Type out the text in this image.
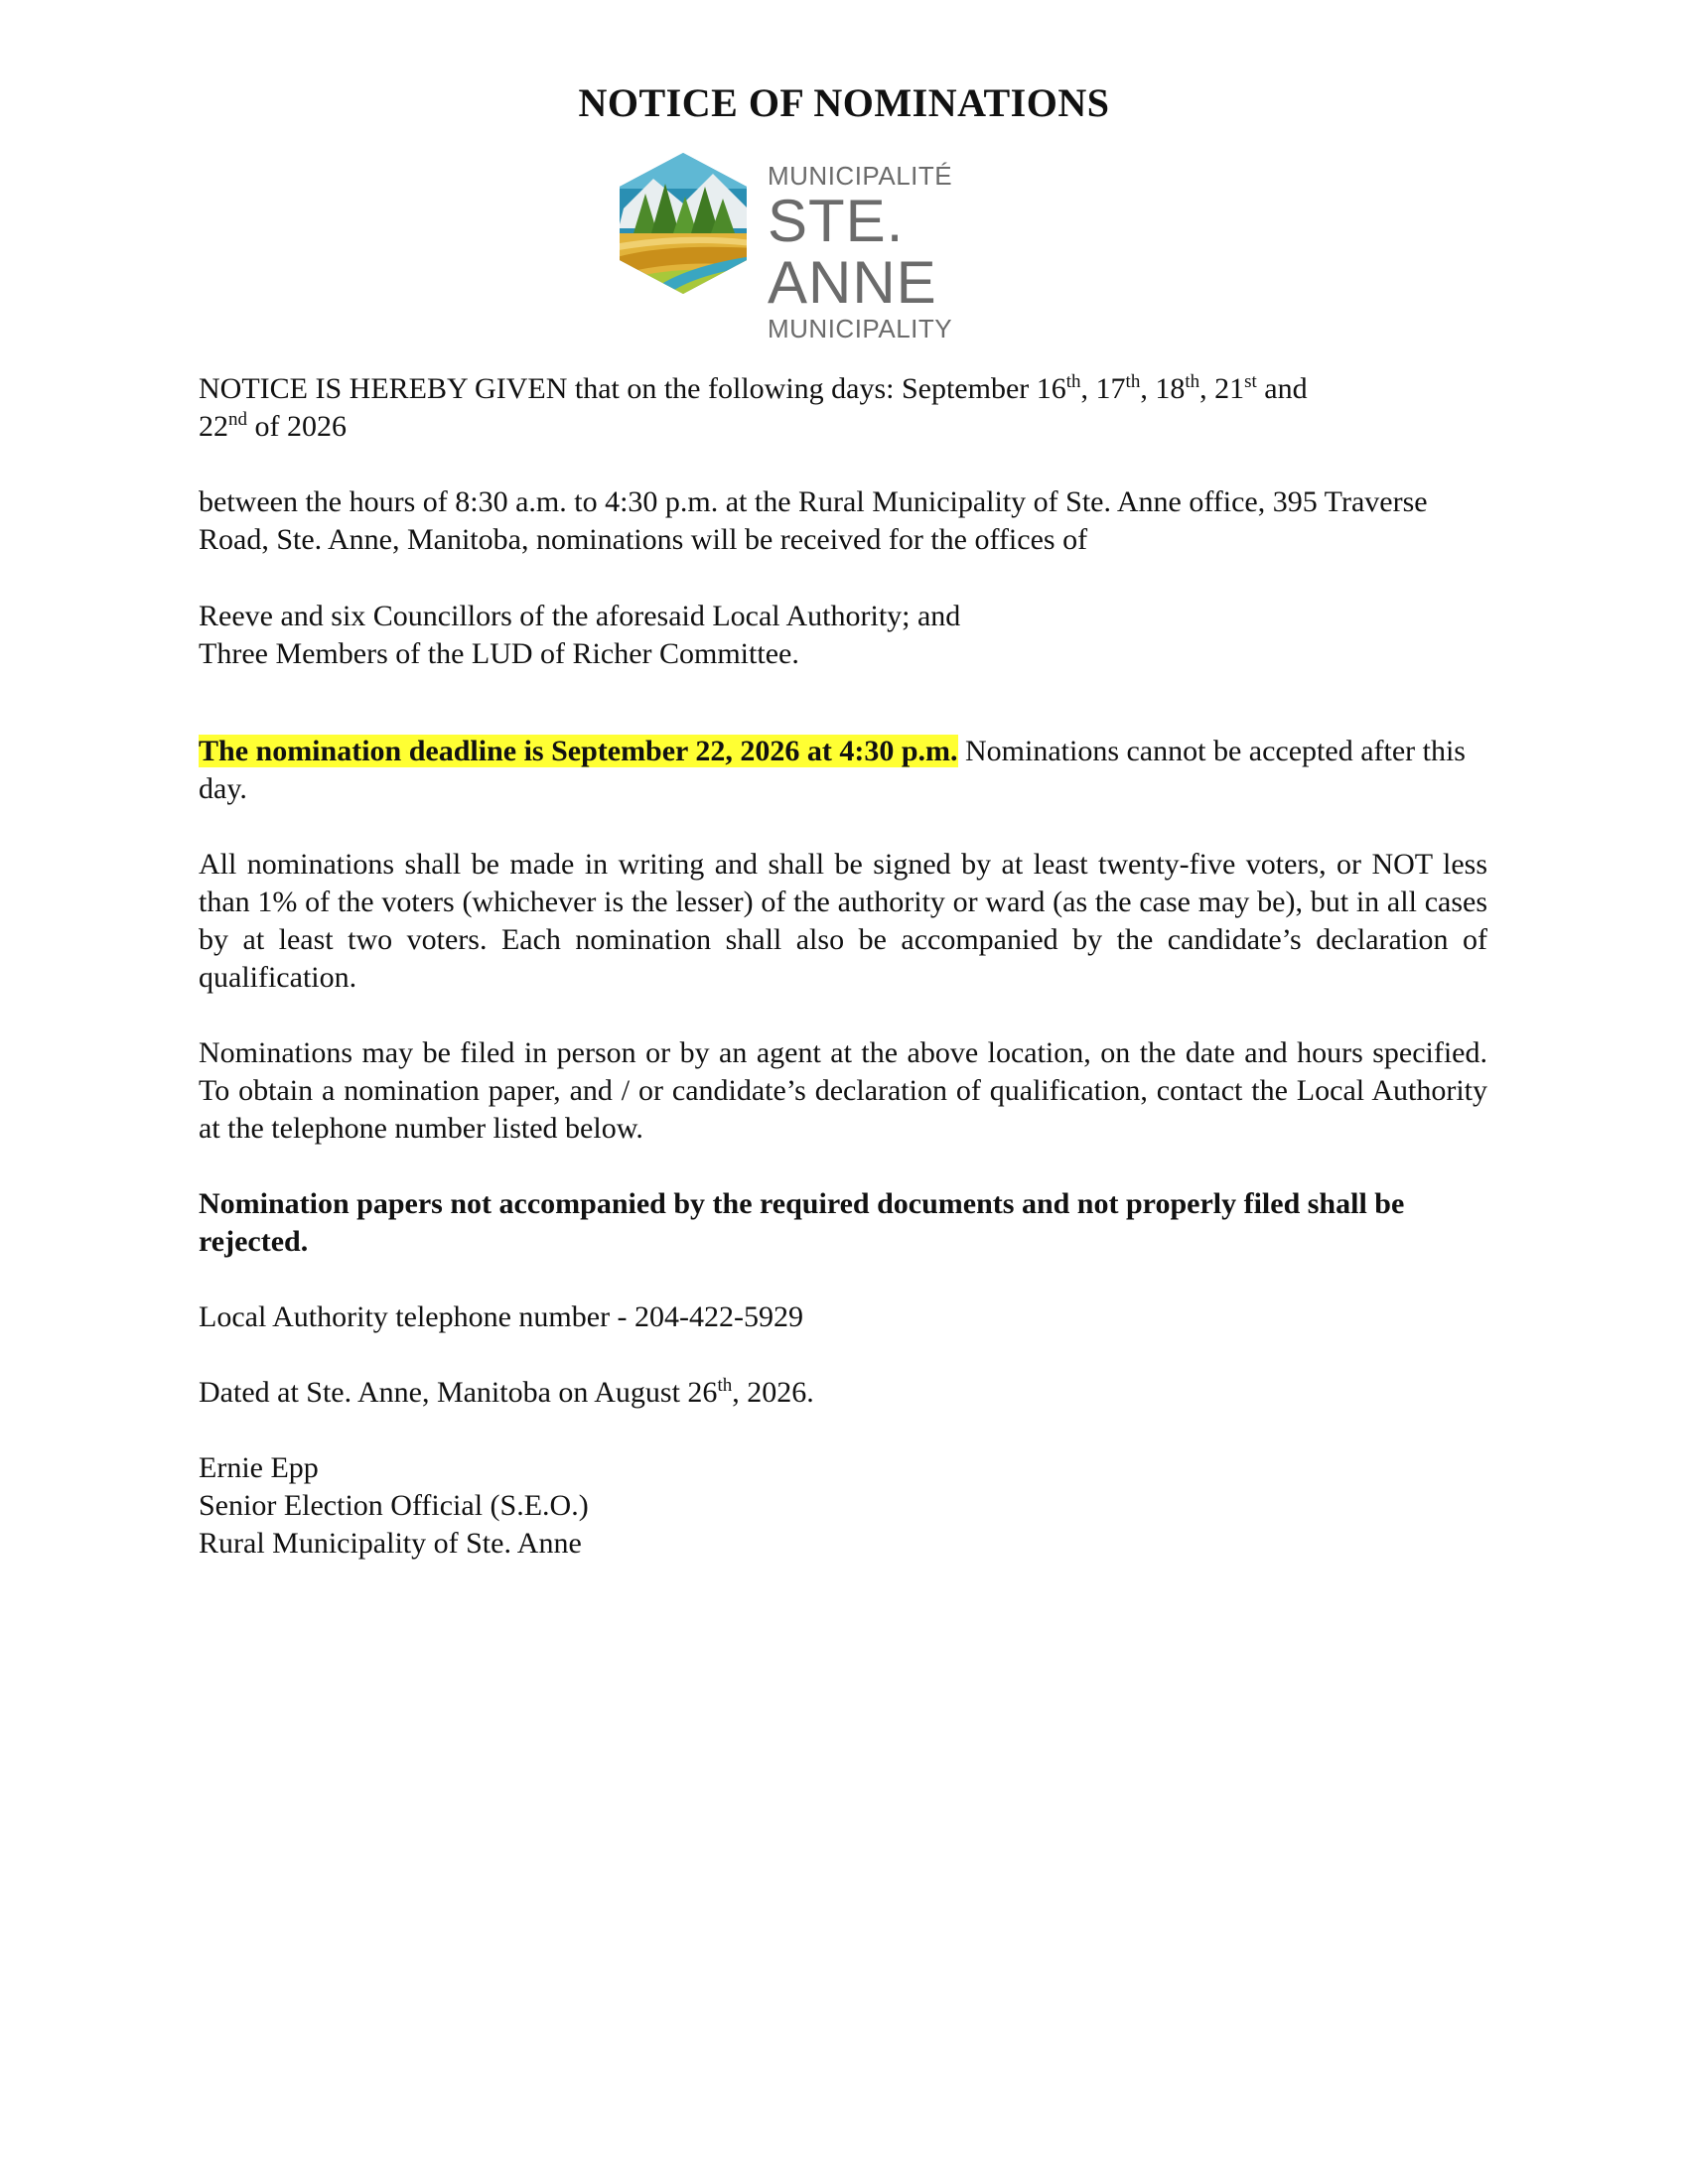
NOTICE OF NOMINATIONS
MUNICIPALITÉ
STE. ANNE
MUNICIPALITY

NOTICE IS HEREBY GIVEN that on the following days: September 16th, 17th, 18th, 21st and
22nd of 2026

between the hours of 8:30 a.m. to 4:30 p.m. at the Rural Municipality of Ste. Anne office, 395 Traverse Road, Ste. Anne, Manitoba, nominations will be received for the offices of

Reeve and six Councillors of the aforesaid Local Authority; and

Three Members of the LUD of Richer Committee.

The nomination deadline is September 22, 2026 at 4:30 p.m. Nominations cannot be accepted after this day.

All nominations shall be made in writing and shall be signed by at least twenty-five voters, or NOT less than 1% of the voters (whichever is the lesser) of the authority or ward (as the case may be), but in all cases by at least two voters. Each nomination shall also be accompanied by the candidate’s declaration of qualification.

Nominations may be filed in person or by an agent at the above location, on the date and hours specified. To obtain a nomination paper, and / or candidate’s declaration of qualification, contact the Local Authority at the telephone number listed below.

Nomination papers not accompanied by the required documents and not properly filed shall be rejected.

Local Authority telephone number - 204-422-5929

Dated at Ste. Anne, Manitoba on August 26th, 2026.

Ernie Epp

Senior Election Official (S.E.O.)

Rural Municipality of Ste. Anne
